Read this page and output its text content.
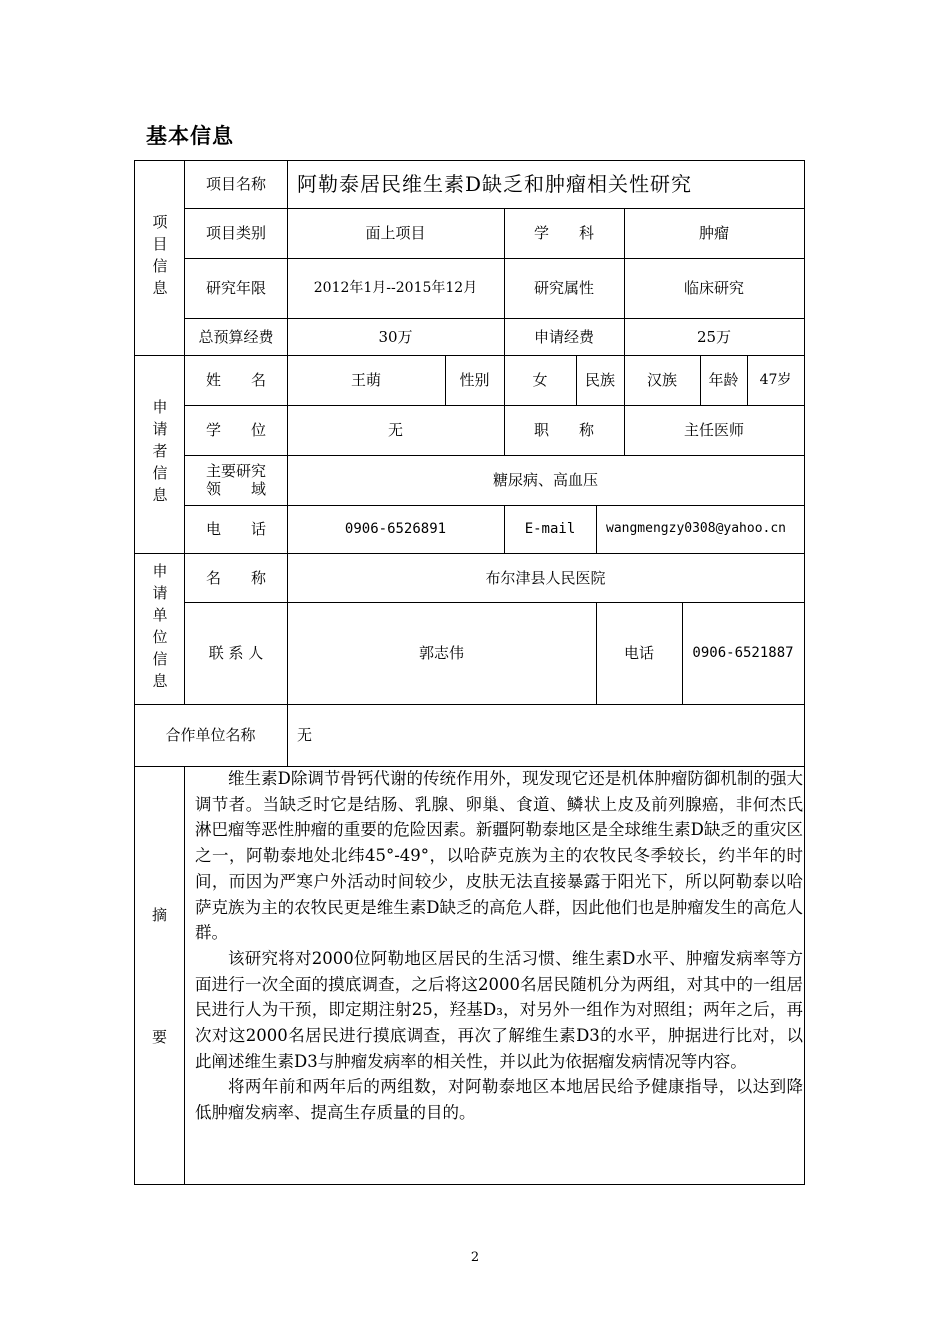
基本信息
项目信息
项目名称	阿勒泰居民维生素D缺乏和肿瘤相关性研究
项目类别	面上项目	学　　科	肿瘤
研究年限	2012年1月--2015年12月	研究属性	临床研究
总预算经费	30万	申请经费	25万
申请者信息
姓　　名	王萌	性别	女	民族	汉族	年龄	47岁
学　　位	无	职　　称	主任医师
主要研究
领　　域	糖尿病、高血压
电　　话	0906-6526891	E-mail	wangmengzy0308@yahoo.cn
申请单位信息	名　　称	布尔津县人民医院
联 系 人	郭志伟	电话	0906-6521887
合作单位名称	无
摘
要

维生素D除调节骨钙代谢的传统作用外，现发现它还是机体肿瘤防御机制的强大调节者。当缺乏时它是结肠、乳腺、卵巢、食道、鳞状上皮及前列腺癌，非何杰氏淋巴瘤等恶性肿瘤的重要的危险因素。新疆阿勒泰地区是全球维生素D缺乏的重灾区之一，阿勒泰地处北纬45°-49°，以哈萨克族为主的农牧民冬季较长，约半年的时间，而因为严寒户外活动时间较少，皮肤无法直接暴露于阳光下，所以阿勒泰以哈萨克族为主的农牧民更是维生素D缺乏的高危人群，因此他们也是肿瘤发生的高危人群。

该研究将对2000位阿勒地区居民的生活习惯、维生素D水平、肿瘤发病率等方面进行一次全面的摸底调查，之后将这2000名居民随机分为两组，对其中的一组居民进行人为干预，即定期注射25，羟基D₃，对另外一组作为对照组；两年之后，再次对这2000名居民进行摸底调查，再次了解维生素D3的水平，肿据进行比对，以此阐述维生素D3与肿瘤发病率的相关性，并以此为依据瘤发病情况等内容。

将两年前和两年后的两组数，对阿勒泰地区本地居民给予健康指导，以达到降低肿瘤发病率、提高生存质量的目的。

2
